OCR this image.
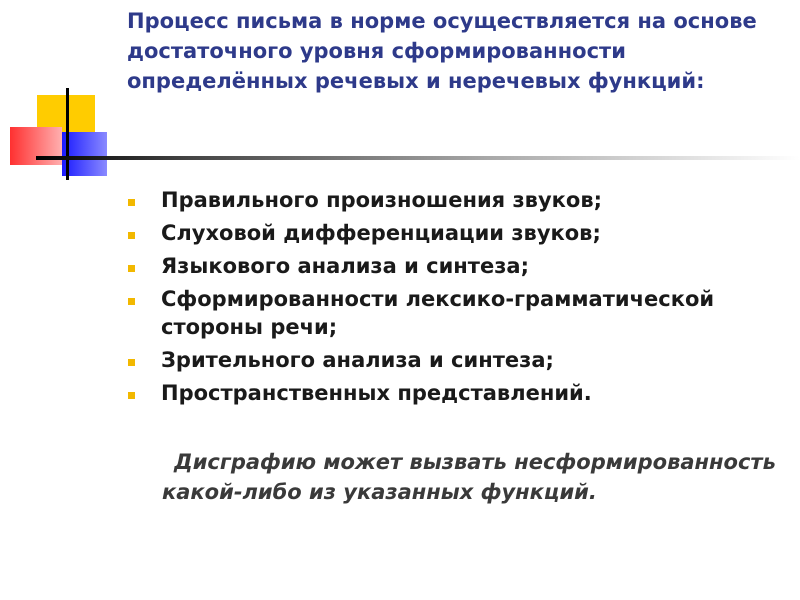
Процесс письма в норме осуществляется на основе достаточного уровня сформированности определённых речевых и неречевых функций:
Правильного произношения звуков;
Слуховой дифференциации звуков;
Языкового анализа и синтеза;
Сформированности лексико-грамматической стороны речи;
Зрительного анализа и синтеза;
Пространственных представлений.

Дисграфию может вызвать несформированность какой-либо из указанных функций.
